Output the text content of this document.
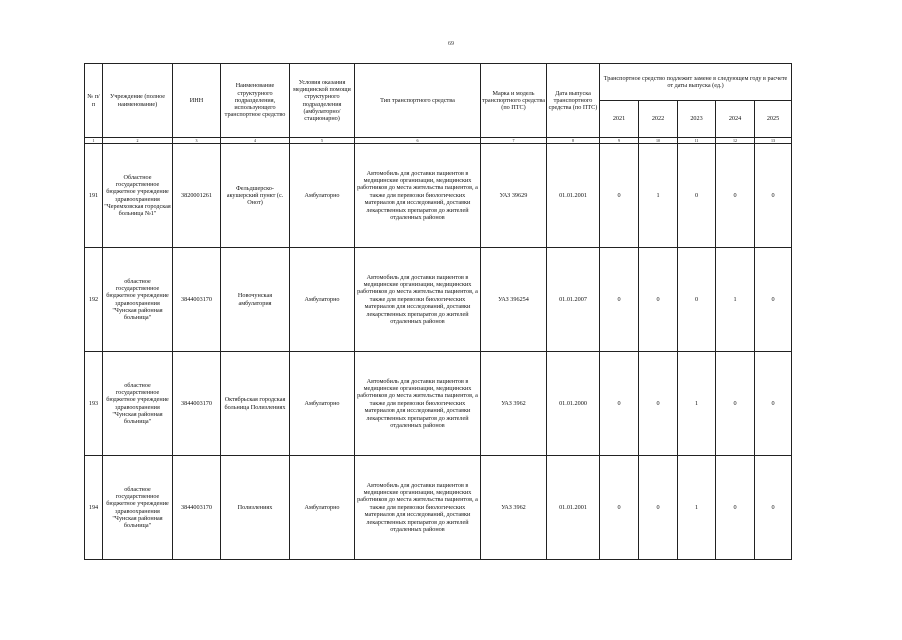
69
№ п/п	Учреждение (полное наименование)	ИНН	Наименование структурного подразделения, использующего транспортное средство	Условия оказания медицинской помощи структурного подразделения (амбулаторно/ стационарно)	Тип транспортного средства	Марка и модель транспортного средства (по ПТС)	Дата выпуска транспортного средства (по ПТС)	Транспортное средство подлежит замене в следующем году в расчете от даты выпуска (ед.)				
								2021	2022	2023	2024	2025
1	2	3	4	5	6	7	8	9	10	11	12	13
191	Областное государственное бюджетное учреждение здравоохранения "Черемховская городская больница №1"	3820001261	Фельдшерско-акушерский пункт (с. Онот)	Амбулаторно	Автомобиль для доставки пациентов в медицинские организации, медицинских работников до места жительства пациентов, а также для перевозки биологических материалов для исследований, доставки лекарственных препаратов до жителей отдаленных районов	УАЗ 39629	01.01.2001	0	1	0	0	0
192	областное государственное бюджетное учреждение здравоохранения "Чунская районная больница"	3844003170	Новочунская амбулатория	Амбулаторно	Автомобиль для доставки пациентов в медицинские организации, медицинских работников до места жительства пациентов, а также для перевозки биологических материалов для исследований, доставки лекарственных препаратов до жителей отдаленных районов	УАЗ 396254	01.01.2007	0	0	0	1	0
193	областное государственное бюджетное учреждение здравоохранения "Чунская районная больница"	3844003170	Октябрьская городская больница Полизлениях	Амбулаторно	Автомобиль для доставки пациентов в медицинские организации, медицинских работников до места жительства пациентов, а также для перевозки биологических материалов для исследований, доставки лекарственных препаратов до жителей отдаленных районов	УАЗ 3962	01.01.2000	0	0	1	0	0
194	областное государственное бюджетное учреждение здравоохранения "Чунская районная больница"	3844003170	Полизлениях	Амбулаторно	Автомобиль для доставки пациентов в медицинские организации, медицинских работников до места жительства пациентов, а также для перевозки биологических материалов для исследований, доставки лекарственных препаратов до жителей отдаленных районов	УАЗ 3962	01.01.2001	0	0	1	0	0
